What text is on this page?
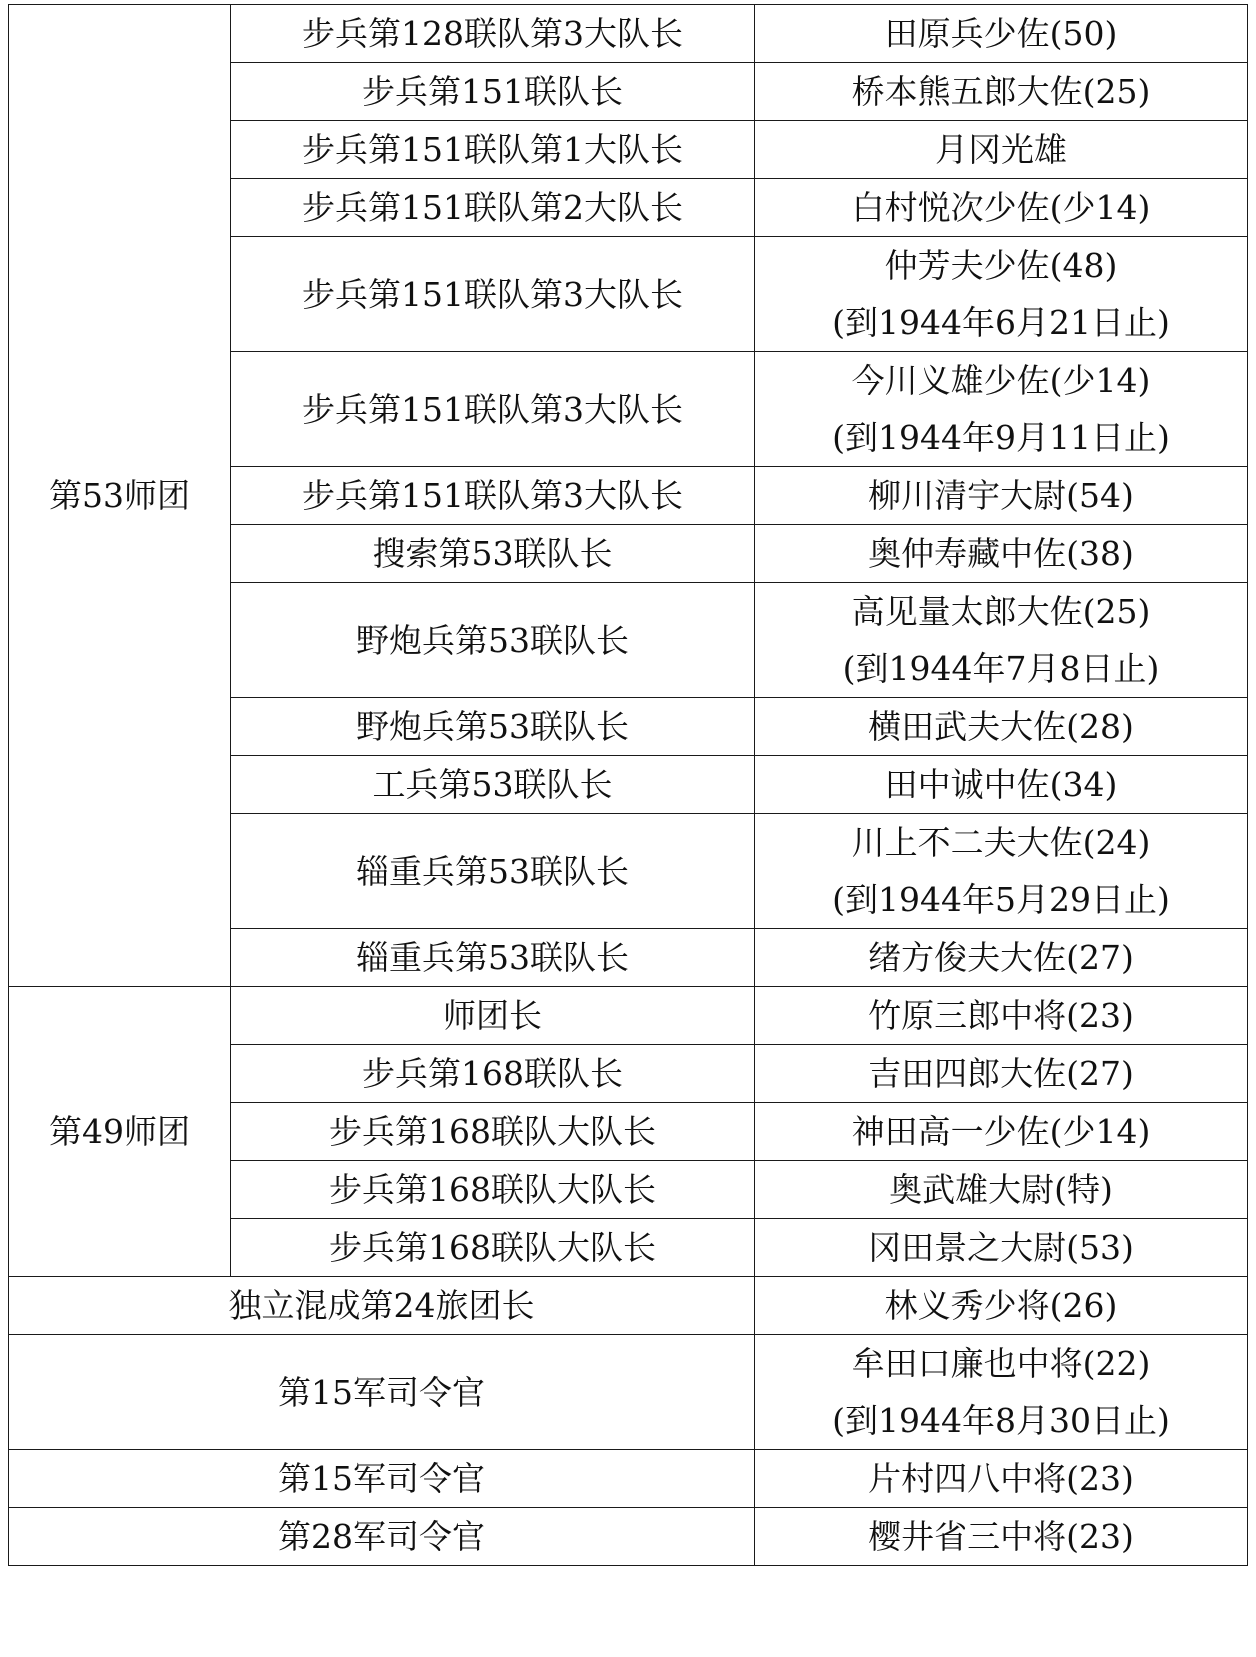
第53师团	步兵第128联队第3大队长	田原兵少佐(50)
	步兵第151联队长	桥本熊五郎大佐(25)
	步兵第151联队第1大队长	月冈光雄
	步兵第151联队第2大队长	白村悦次少佐(少14)
	步兵第151联队第3大队长	仲芳夫少佐(48)
(到1944年6月21日止)

	步兵第151联队第3大队长	今川义雄少佐(少14)
(到1944年9月11日止)

	步兵第151联队第3大队长	柳川清宇大尉(54)
	搜索第53联队长	奥仲寿藏中佐(38)
	野炮兵第53联队长	高见量太郎大佐(25)
(到1944年7月8日止)

	野炮兵第53联队长	横田武夫大佐(28)
	工兵第53联队长	田中诚中佐(34)
	辎重兵第53联队长	川上不二夫大佐(24)
(到1944年5月29日止)

	辎重兵第53联队长	绪方俊夫大佐(27)
第49师团	师团长	竹原三郎中将(23)
	步兵第168联队长	吉田四郎大佐(27)
	步兵第168联队大队长	神田高一少佐(少14)
	步兵第168联队大队长	奥武雄大尉(特)
	步兵第168联队大队长	冈田景之大尉(53)
独立混成第24旅团长		林义秀少将(26)
第15军司令官		牟田口廉也中将(22)
(到1944年8月30日止)

第15军司令官		片村四八中将(23)
第28军司令官		樱井省三中将(23)
